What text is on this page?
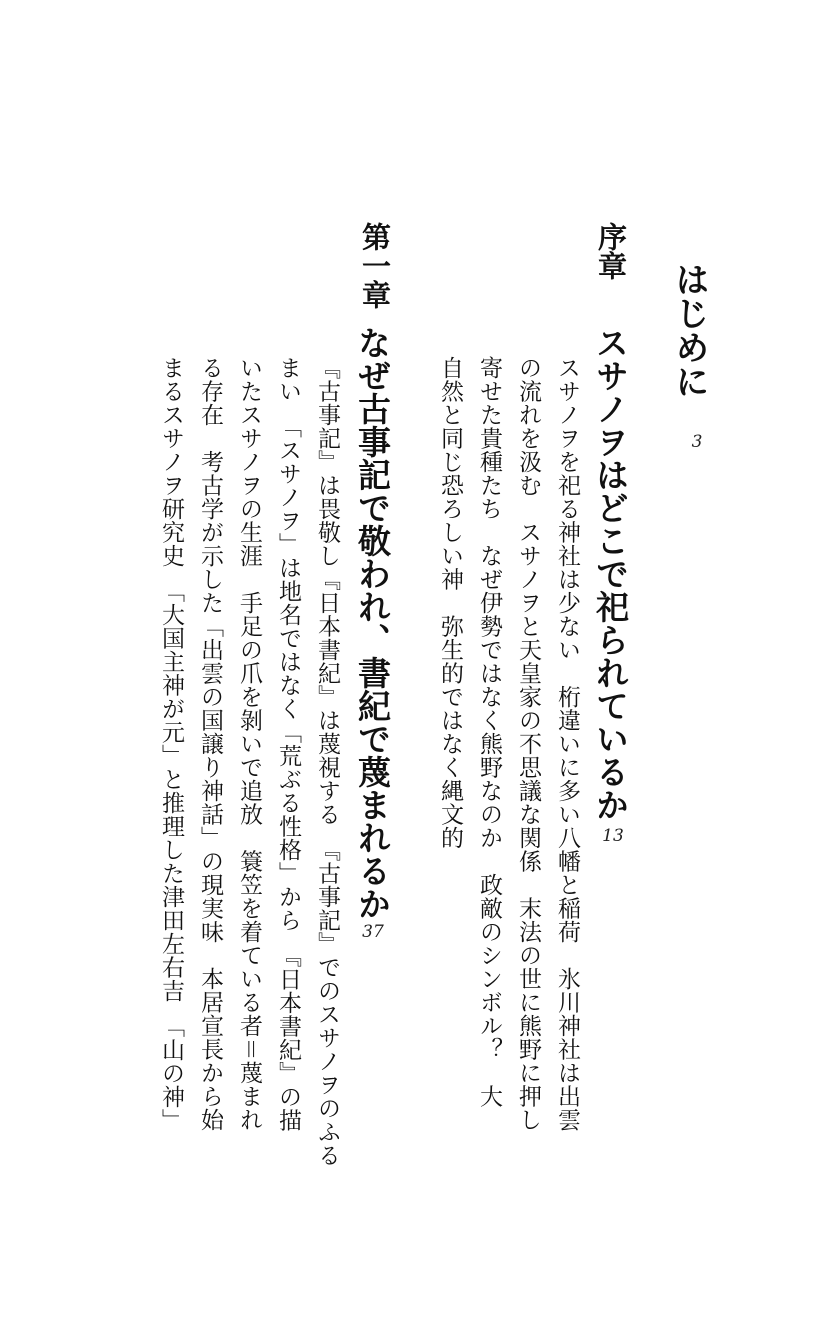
はじめに
3
序章
スサノヲはどこで祀られているか
13

スサノヲを祀る神社は少ない　桁違いに多い八幡と稲荷　氷川神社は出雲

の流れを汲む　スサノヲと天皇家の不思議な関係　末法の世に熊野に押し

寄せた貴種たち　なぜ伊勢ではなく熊野なのか　政敵のシンボル？　大

自然と同じ恐ろしい神　弥生的ではなく縄文的

第一章
なぜ古事記で敬われ、書紀で蔑まれるか
37

『古事記』は畏敬し『日本書紀』は蔑視する　『古事記』でのスサノヲのふる

まい　「スサノヲ」は地名ではなく「荒ぶる性格」から　『日本書紀』の描

いたスサノヲの生涯　手足の爪を剝いで追放　簑笠を着ている者＝蔑まれ

る存在　考古学が示した「出雲の国譲り神話」の現実味　本居宣長から始

まるスサノヲ研究史　「大国主神が元」と推理した津田左右吉　「山の神」
